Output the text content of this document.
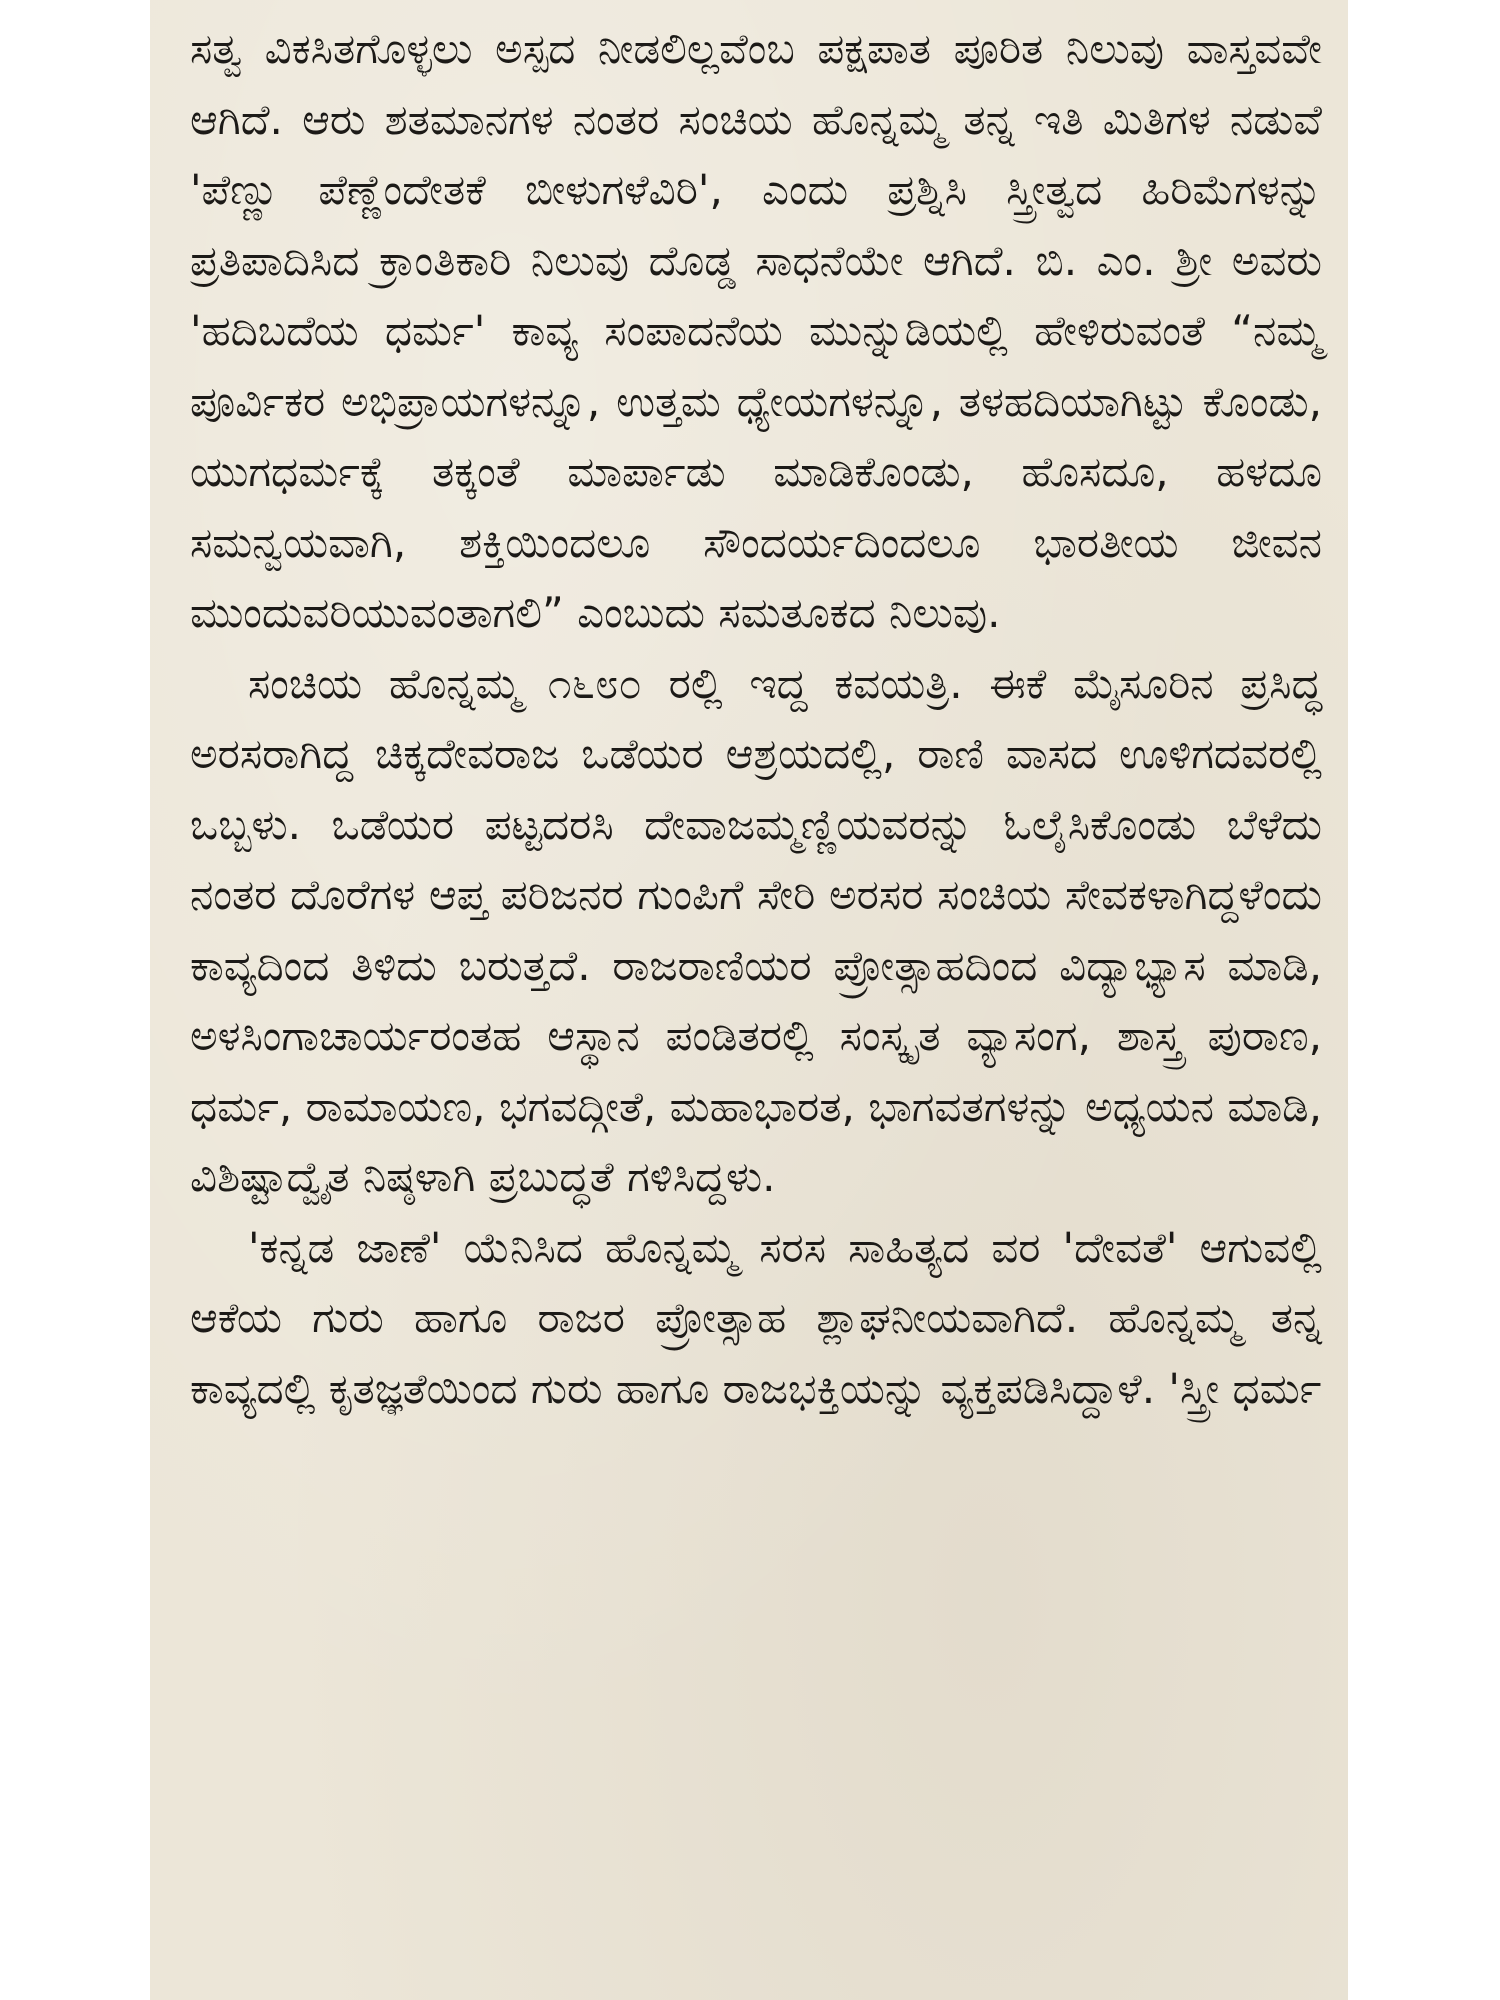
ಸತ್ವ ವಿಕಸಿತಗೊಳ್ಳಲು ಅಸ್ಪದ ನೀಡಲಿಲ್ಲವೆಂಬ ಪಕ್ಷಪಾತ ಪೂರಿತ ನಿಲುವು ವಾಸ್ತವವೇ ಆಗಿದೆ. ಆರು ಶತಮಾನಗಳ ನಂತರ ಸಂಚಿಯ ಹೊನ್ನಮ್ಮ ತನ್ನ ಇತಿ ಮಿತಿಗಳ ನಡುವೆ 'ಪೆಣ್ಣು ಪೆಣ್ಣೆಂದೇತಕೆ ಬೀಳುಗಳೆವಿರಿ', ಎಂದು ಪ್ರಶ್ನಿಸಿ ಸ್ತ್ರೀತ್ವದ ಹಿರಿಮೆಗಳನ್ನು ಪ್ರತಿಪಾದಿಸಿದ ಕ್ರಾಂತಿಕಾರಿ ನಿಲುವು ದೊಡ್ಡ ಸಾಧನೆಯೇ ಆಗಿದೆ. ಬಿ. ಎಂ. ಶ್ರೀ ಅವರು 'ಹದಿಬದೆಯ ಧರ್ಮ' ಕಾವ್ಯ ಸಂಪಾದನೆಯ ಮುನ್ನುಡಿಯಲ್ಲಿ ಹೇಳಿರುವಂತೆ “ನಮ್ಮ ಪೂರ್ವಿಕರ ಅಭಿಪ್ರಾಯಗಳನ್ನೂ, ಉತ್ತಮ ಧ್ಯೇಯಗಳನ್ನೂ, ತಳಹದಿಯಾಗಿಟ್ಟು ಕೊಂಡು, ಯುಗಧರ್ಮಕ್ಕೆ ತಕ್ಕಂತೆ ಮಾರ್ಪಾಡು ಮಾಡಿಕೊಂಡು, ಹೊಸದೂ, ಹಳದೂ ಸಮನ್ವಯವಾಗಿ, ಶಕ್ತಿಯಿಂದಲೂ ಸೌಂದರ್ಯದಿಂದಲೂ ಭಾರತೀಯ ಜೀವನ ಮುಂದುವರಿಯುವಂತಾಗಲಿ” ಎಂಬುದು ಸಮತೂಕದ ನಿಲುವು.

ಸಂಚಿಯ ಹೊನ್ನಮ್ಮ ೧೬೮೦ ರಲ್ಲಿ ಇದ್ದ ಕವಯತ್ರಿ. ಈಕೆ ಮೈಸೂರಿನ ಪ್ರಸಿದ್ಧ ಅರಸರಾಗಿದ್ದ ಚಿಕ್ಕದೇವರಾಜ ಒಡೆಯರ ಆಶ್ರಯದಲ್ಲಿ, ರಾಣಿ ವಾಸದ ಊಳಿಗದವರಲ್ಲಿ ಒಬ್ಬಳು. ಒಡೆಯರ ಪಟ್ಟದರಸಿ ದೇವಾಜಮ್ಮಣ್ಣಿಯವರನ್ನು ಓಲೈಸಿಕೊಂಡು ಬೆಳೆದು ನಂತರ ದೊರೆಗಳ ಆಪ್ತ ಪರಿಜನರ ಗುಂಪಿಗೆ ಸೇರಿ ಅರಸರ ಸಂಚಿಯ ಸೇವಕಳಾಗಿದ್ದಳೆಂದು ಕಾವ್ಯದಿಂದ ತಿಳಿದು ಬರುತ್ತದೆ. ರಾಜರಾಣಿಯರ ಪ್ರೋತ್ಸಾಹದಿಂದ ವಿದ್ಯಾಭ್ಯಾಸ ಮಾಡಿ, ಅಳಸಿಂಗಾಚಾರ್ಯರಂತಹ ಆಸ್ಥಾನ ಪಂಡಿತರಲ್ಲಿ ಸಂಸ್ಕೃತ ವ್ಯಾಸಂಗ, ಶಾಸ್ತ್ರ ಪುರಾಣ, ಧರ್ಮ, ರಾಮಾಯಣ, ಭಗವದ್ಗೀತೆ, ಮಹಾಭಾರತ, ಭಾಗವತಗಳನ್ನು ಅಧ್ಯಯನ ಮಾಡಿ, ವಿಶಿಷ್ಟಾದ್ವೈತ ನಿಷ್ಠಳಾಗಿ ಪ್ರಬುದ್ಧತೆ ಗಳಿಸಿದ್ದಳು.

'ಕನ್ನಡ ಜಾಣೆ' ಯೆನಿಸಿದ ಹೊನ್ನಮ್ಮ ಸರಸ ಸಾಹಿತ್ಯದ ವರ 'ದೇವತೆ' ಆಗುವಲ್ಲಿ ಆಕೆಯ ಗುರು ಹಾಗೂ ರಾಜರ ಪ್ರೋತ್ಸಾಹ ಶ್ಲಾಘನೀಯವಾಗಿದೆ. ಹೊನ್ನಮ್ಮ ತನ್ನ ಕಾವ್ಯದಲ್ಲಿ ಕೃತಜ್ಞತೆಯಿಂದ ಗುರು ಹಾಗೂ ರಾಜಭಕ್ತಿಯನ್ನು ವ್ಯಕ್ತಪಡಿಸಿದ್ದಾಳೆ. 'ಸ್ತ್ರೀ ಧರ್ಮ
